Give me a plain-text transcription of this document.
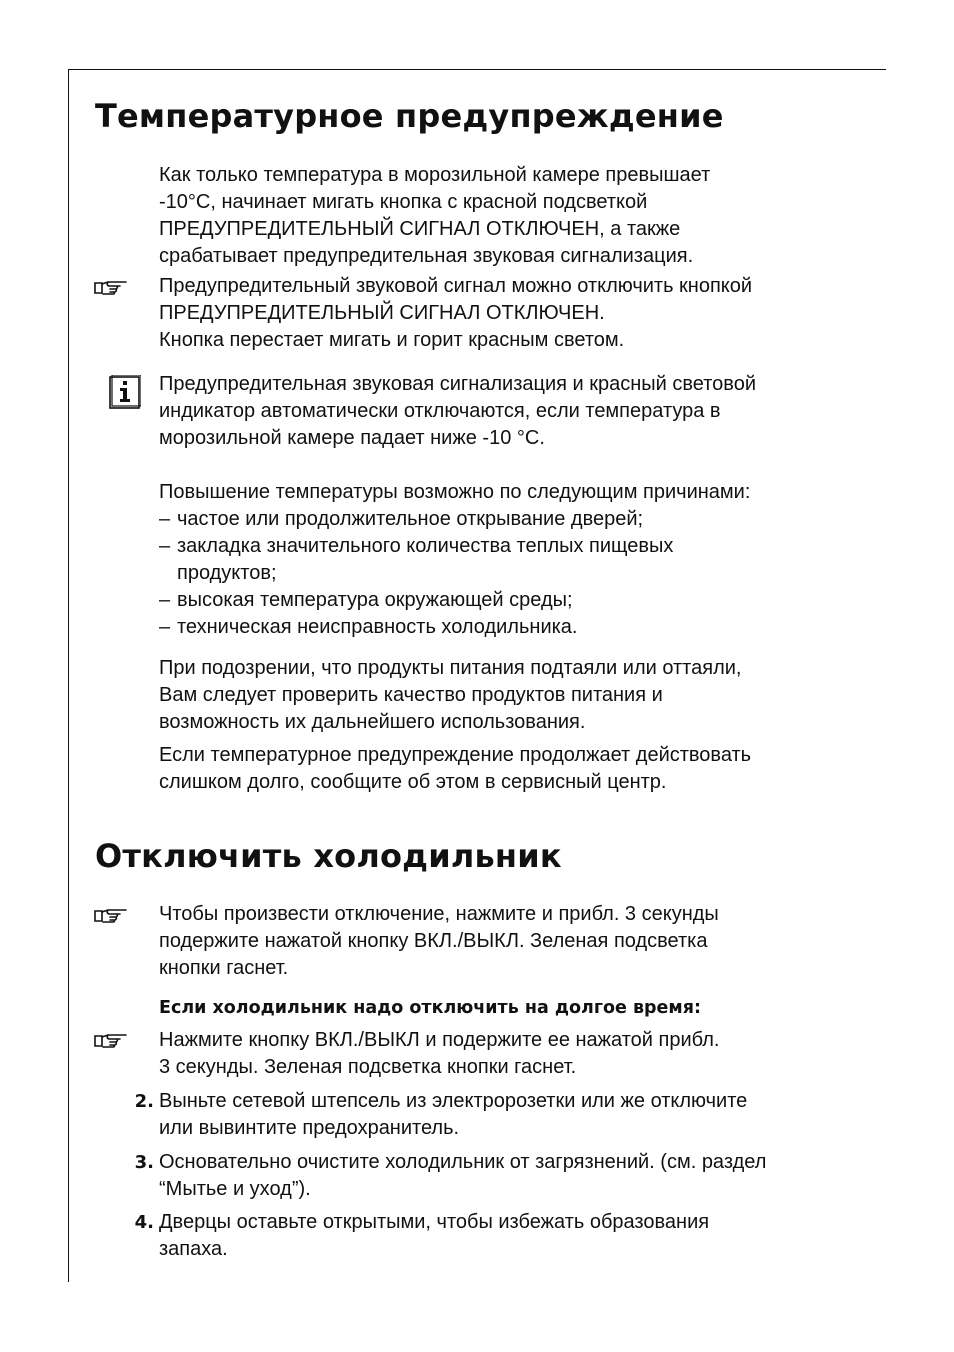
Температурное предупреждение
Как только температура в морозильной камере превышает
-10°C, начинает мигать кнопка с красной подсветкой
ПРЕДУПРЕДИТЕЛЬНЫЙ СИГНАЛ ОТКЛЮЧЕН, а также
срабатывает предупредительная звуковая сигнализация.
Предупредительный звуковой сигнал можно отключить кнопкой
ПРЕДУПРЕДИТЕЛЬНЫЙ СИГНАЛ ОТКЛЮЧЕН.
Кнопка перестает мигать и горит красным светом.
Предупредительная звуковая сигнализация и красный световой
индикатор автоматически отключаются, если температура в
морозильной камере падает ниже -10 °C.
Повышение температуры возможно по следующим причинами:
– частое или продолжительное открывание дверей;
– закладка значительного количества теплых пищевых
продуктов;
– высокая температура окружающей среды;
– техническая неисправность холодильника.
При подозрении, что продукты питания подтаяли или оттаяли,
Вам следует проверить качество продуктов питания и
возможность их дальнейшего использования.
Если температурное предупреждение продолжает действовать
слишком долго, сообщите об этом в сервисный центр.
Отключить холодильник
Чтобы произвести отключение, нажмите и прибл. 3 секунды
подержите нажатой кнопку ВКЛ./ВЫКЛ. Зеленая подсветка
кнопки гаснет.
Если холодильник надо отключить на долгое время:
Нажмите кнопку ВКЛ./ВЫКЛ и подержите ее нажатой прибл.
3 секунды. Зеленая подсветка кнопки гаснет.
2. Выньте сетевой штепсель из электророзетки или же отключите
или вывинтите предохранитель.
3. Основательно очистите холодильник от загрязнений. (см. раздел
“Мытье и уход”).
4. Дверцы оставьте открытыми, чтобы избежать образования
запаха.
